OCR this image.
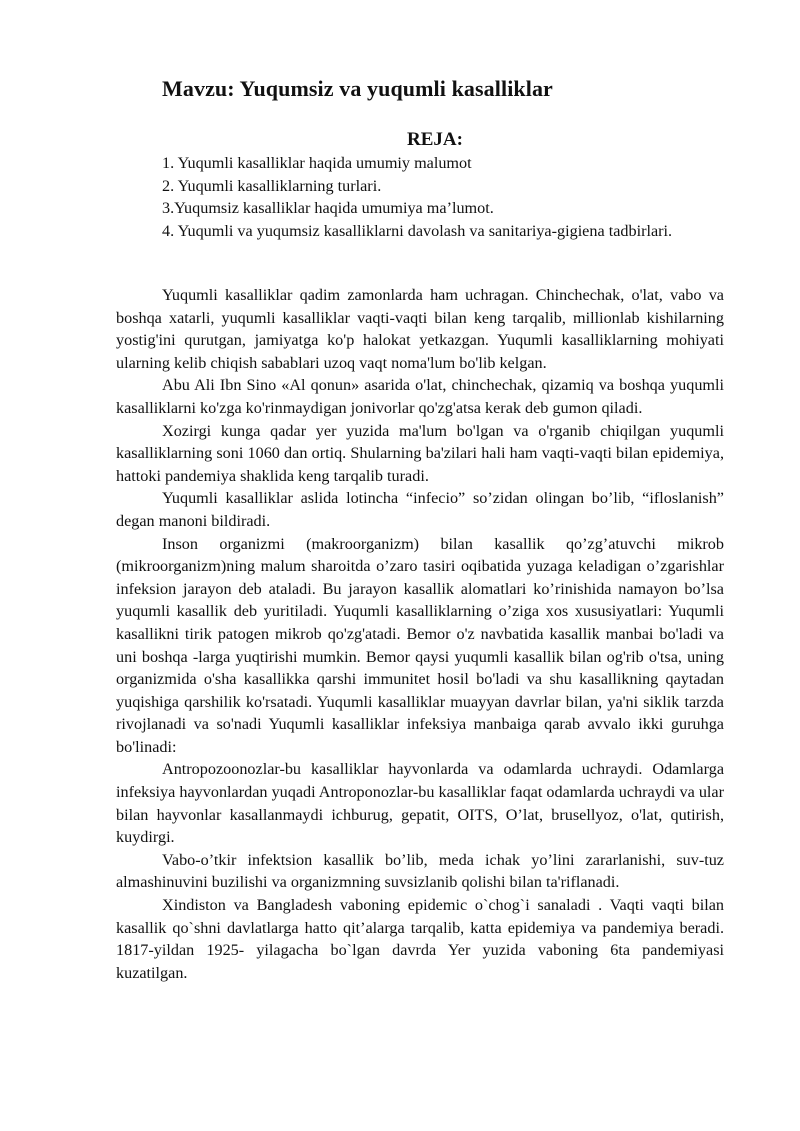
Mavzu: Yuqumsiz va yuqumli kasalliklar
REJA:
1. Yuqumli kasalliklar haqida umumiy malumot
2. Yuqumli kasalliklarning turlari.
3.Yuqumsiz kasalliklar haqida umumiya ma’lumot.
4. Yuqumli va yuqumsiz kasalliklarni davolash va sanitariya-gigiena tadbirlari.

Yuqumli kasalliklar qadim zamonlarda ham uchragan. Chinchechak, o'lat, vabo va boshqa xatarli, yuqumli kasalliklar vaqti-vaqti bilan keng tarqalib, millionlab kishilarning yostig'ini qurutgan, jamiyatga ko'p halokat yetkazgan. Yuqumli kasalliklarning mohiyati ularning kelib chiqish sabablari uzoq vaqt noma'lum bo'lib kelgan.

Abu Ali Ibn Sino «Al qonun» asarida o'lat, chinchechak, qizamiq va boshqa yuqumli kasalliklarni ko'zga ko'rinmaydigan jonivorlar qo'zg'atsa kerak deb gumon qiladi.

Xozirgi kunga qadar yer yuzida ma'lum bo'lgan va o'rganib chiqilgan yuqumli kasalliklarning soni 1060 dan ortiq. Shularning ba'zilari hali ham vaqti-vaqti bilan epidemiya, hattoki pandemiya shaklida keng tarqalib turadi.

Yuqumli kasalliklar aslida lotincha “infecio” so’zidan olingan bo’lib, “ifloslanish” degan manoni bildiradi.

Inson organizmi (makroorganizm) bilan kasallik qo’zg’atuvchi mikrob (mikroorganizm)ning malum sharoitda o’zaro tasiri oqibatida yuzaga keladigan o’zgarishlar infeksion jarayon deb ataladi. Bu jarayon kasallik alomatlari ko’rinishida namayon bo’lsa yuqumli kasallik deb yuritiladi. Yuqumli kasalliklarning o’ziga xos xususiyatlari: Yuqumli kasallikni tirik patogen mikrob qo'zg'atadi. Bemor o'z navbatida kasallik manbai bo'ladi va uni boshqa -larga yuqtirishi mumkin. Bemor qaysi yuqumli kasallik bilan og'rib o'tsa, uning organizmida o'sha kasallikka qarshi immunitet hosil bo'ladi va shu kasallikning qaytadan yuqishiga qarshilik ko'rsatadi. Yuqumli kasalliklar muayyan davrlar bilan, ya'ni siklik tarzda rivojlanadi va so'nadi Yuqumli kasalliklar infeksiya manbaiga qarab avvalo ikki guruhga bo'linadi:

Antropozoonozlar-bu kasalliklar hayvonlarda va odamlarda uchraydi. Odamlarga infeksiya hayvonlardan yuqadi Antroponozlar-bu kasalliklar faqat odamlarda uchraydi va ular bilan hayvonlar kasallanmaydi ichburug, gepatit, OITS, O’lat, brusellyoz, o'lat, qutirish, kuydirgi.

Vabo-o’tkir infektsion kasallik bo’lib, meda ichak yo’lini zararlanishi, suv-tuz almashinuvini buzilishi va organizmning suvsizlanib qolishi bilan ta'riflanadi.

Xindiston va Bangladesh vaboning epidemic o`chog`i sanaladi . Vaqti vaqti bilan kasallik qo`shni davlatlarga hatto qit’alarga tarqalib, katta epidemiya va pandemiya beradi. 1817-yildan 1925- yilagacha bo`lgan davrda Yer yuzida vaboning 6ta pandemiyasi kuzatilgan.
